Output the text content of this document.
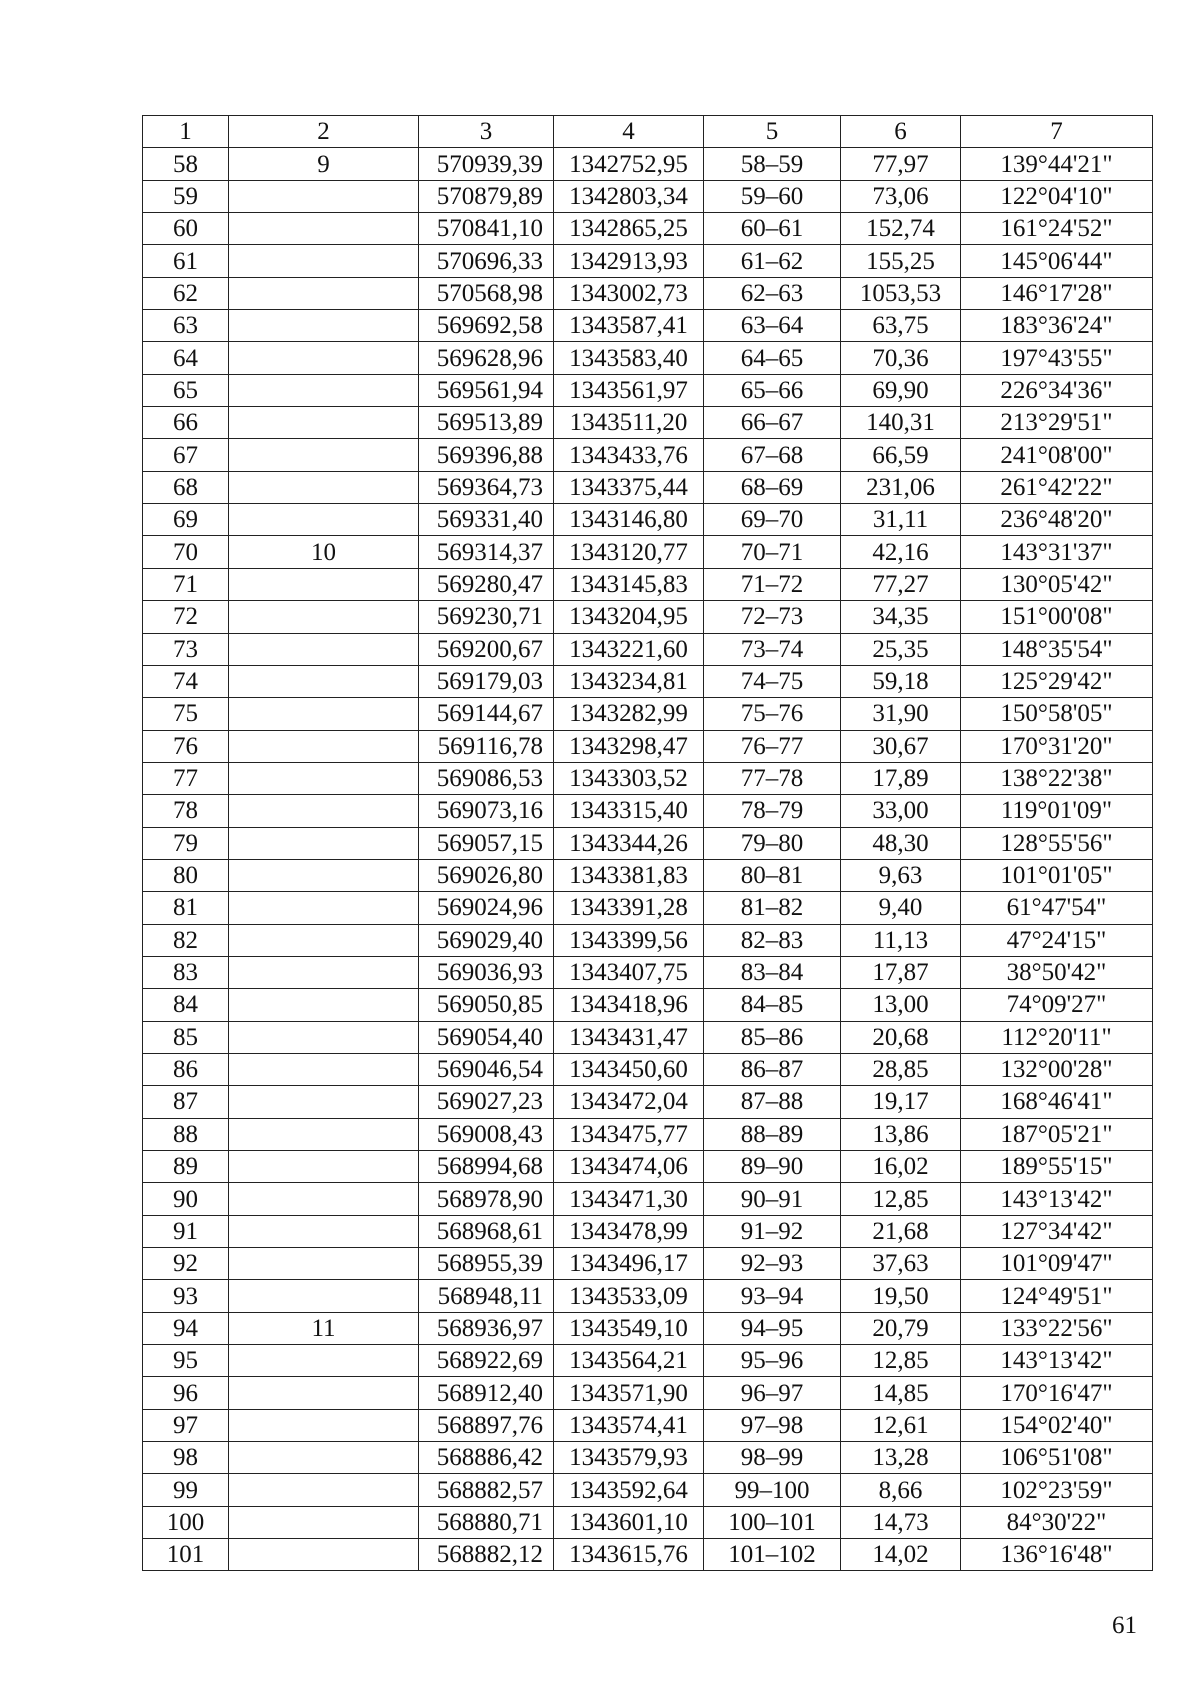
1	2	3	4	5	6	7
58	9	570939,39	1342752,95	58–59	77,97	139°44'21"
59		570879,89	1342803,34	59–60	73,06	122°04'10"
60		570841,10	1342865,25	60–61	152,74	161°24'52"
61		570696,33	1342913,93	61–62	155,25	145°06'44"
62		570568,98	1343002,73	62–63	1053,53	146°17'28"
63		569692,58	1343587,41	63–64	63,75	183°36'24"
64		569628,96	1343583,40	64–65	70,36	197°43'55"
65		569561,94	1343561,97	65–66	69,90	226°34'36"
66		569513,89	1343511,20	66–67	140,31	213°29'51"
67		569396,88	1343433,76	67–68	66,59	241°08'00"
68		569364,73	1343375,44	68–69	231,06	261°42'22"
69		569331,40	1343146,80	69–70	31,11	236°48'20"
70	10	569314,37	1343120,77	70–71	42,16	143°31'37"
71		569280,47	1343145,83	71–72	77,27	130°05'42"
72		569230,71	1343204,95	72–73	34,35	151°00'08"
73		569200,67	1343221,60	73–74	25,35	148°35'54"
74		569179,03	1343234,81	74–75	59,18	125°29'42"
75		569144,67	1343282,99	75–76	31,90	150°58'05"
76		569116,78	1343298,47	76–77	30,67	170°31'20"
77		569086,53	1343303,52	77–78	17,89	138°22'38"
78		569073,16	1343315,40	78–79	33,00	119°01'09"
79		569057,15	1343344,26	79–80	48,30	128°55'56"
80		569026,80	1343381,83	80–81	9,63	101°01'05"
81		569024,96	1343391,28	81–82	9,40	61°47'54"
82		569029,40	1343399,56	82–83	11,13	47°24'15"
83		569036,93	1343407,75	83–84	17,87	38°50'42"
84		569050,85	1343418,96	84–85	13,00	74°09'27"
85		569054,40	1343431,47	85–86	20,68	112°20'11"
86		569046,54	1343450,60	86–87	28,85	132°00'28"
87		569027,23	1343472,04	87–88	19,17	168°46'41"
88		569008,43	1343475,77	88–89	13,86	187°05'21"
89		568994,68	1343474,06	89–90	16,02	189°55'15"
90		568978,90	1343471,30	90–91	12,85	143°13'42"
91		568968,61	1343478,99	91–92	21,68	127°34'42"
92		568955,39	1343496,17	92–93	37,63	101°09'47"
93		568948,11	1343533,09	93–94	19,50	124°49'51"
94	11	568936,97	1343549,10	94–95	20,79	133°22'56"
95		568922,69	1343564,21	95–96	12,85	143°13'42"
96		568912,40	1343571,90	96–97	14,85	170°16'47"
97		568897,76	1343574,41	97–98	12,61	154°02'40"
98		568886,42	1343579,93	98–99	13,28	106°51'08"
99		568882,57	1343592,64	99–100	8,66	102°23'59"
100		568880,71	1343601,10	100–101	14,73	84°30'22"
101		568882,12	1343615,76	101–102	14,02	136°16'48"
61
